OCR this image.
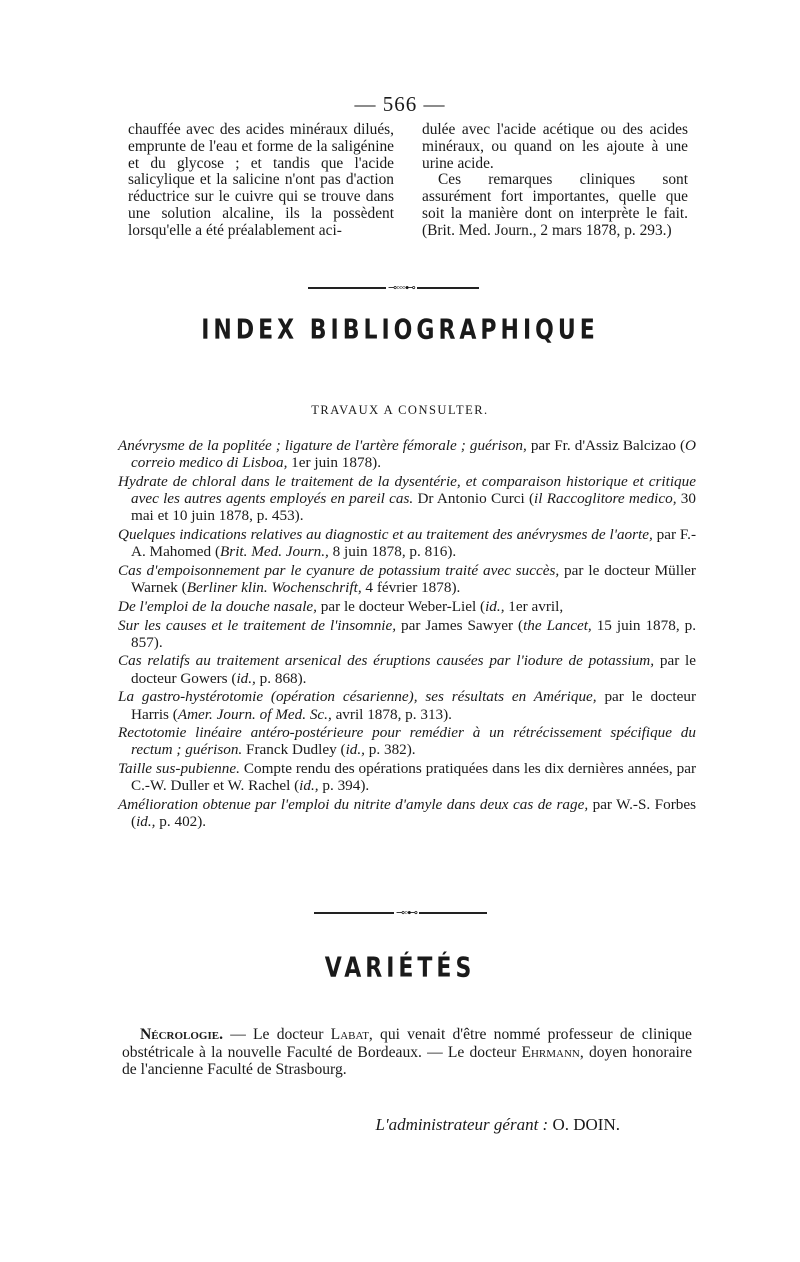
— 566 —

chauffée avec des acides minéraux dilués, emprunte de l'eau et forme de la saligénine et du glycose ; et tandis que l'acide salicylique et la salicine n'ont pas d'action réductrice sur le cuivre qui se trouve dans une solution alcaline, ils la possèdent lorsqu'elle a été préalablement aci-

dulée avec l'acide acétique ou des acides minéraux, ou quand on les ajoute à une urine acide.

Ces remarques cliniques sont assurément fort importantes, quelle que soit la manière dont on interprète le fait. (Brit. Med. Journ., 2 mars 1878, p. 293.)

⊸◦◦◦⊷
INDEX BIBLIOGRAPHIQUE
TRAVAUX A CONSULTER.

Anévrysme de la poplitée ; ligature de l'artère fémorale ; guérison, par Fr. d'Assiz Balcizao (O correio medico di Lisboa, 1er juin 1878).

Hydrate de chloral dans le traitement de la dysentérie, et comparaison historique et critique avec les autres agents employés en pareil cas. Dr Antonio Curci (il Raccoglitore medico, 30 mai et 10 juin 1878, p. 453).

Quelques indications relatives au diagnostic et au traitement des anévrysmes de l'aorte, par F.-A. Mahomed (Brit. Med. Journ., 8 juin 1878, p. 816).

Cas d'empoisonnement par le cyanure de potassium traité avec succès, par le docteur Müller Warnek (Berliner klin. Wochenschrift, 4 février 1878).

De l'emploi de la douche nasale, par le docteur Weber-Liel (id., 1er avril,

Sur les causes et le traitement de l'insomnie, par James Sawyer (the Lancet, 15 juin 1878, p. 857).

Cas relatifs au traitement arsenical des éruptions causées par l'iodure de potassium, par le docteur Gowers (id., p. 868).

La gastro-hystérotomie (opération césarienne), ses résultats en Amérique, par le docteur Harris (Amer. Journ. of Med. Sc., avril 1878, p. 313).

Rectotomie linéaire antéro-postérieure pour remédier à un rétrécissement spécifique du rectum ; guérison. Franck Dudley (id., p. 382).

Taille sus-pubienne. Compte rendu des opérations pratiquées dans les dix dernières années, par C.-W. Duller et W. Rachel (id., p. 394).

Amélioration obtenue par l'emploi du nitrite d'amyle dans deux cas de rage, par W.-S. Forbes (id., p. 402).

⊸◦⊷
VARIÉTÉS

Nécrologie. — Le docteur Labat, qui venait d'être nommé professeur de clinique obstétricale à la nouvelle Faculté de Bordeaux. — Le docteur Ehrmann, doyen honoraire de l'ancienne Faculté de Strasbourg.

L'administrateur gérant : O. DOIN.
